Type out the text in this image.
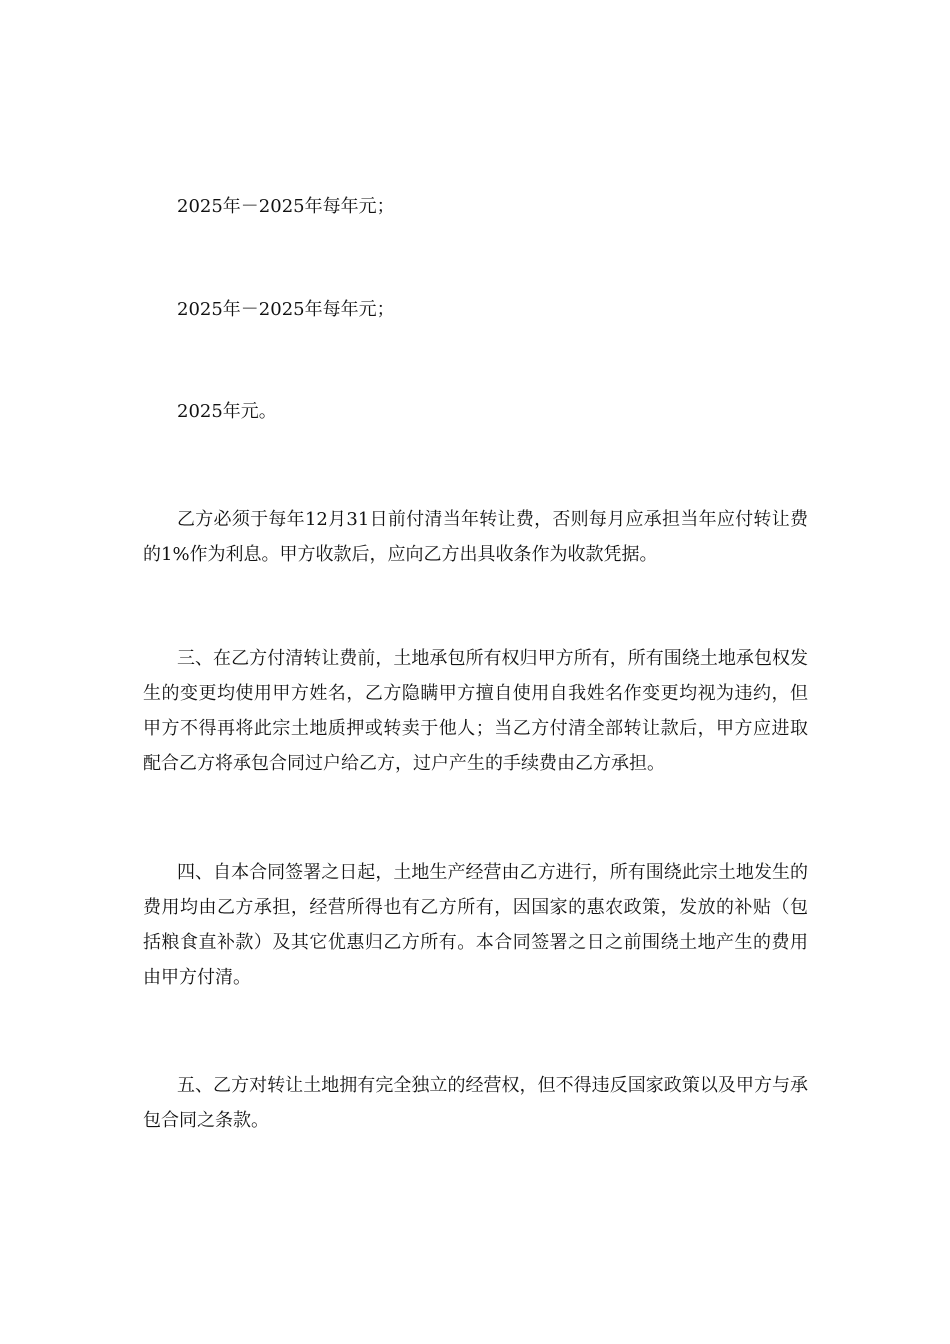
2025年－2025年每年元；

2025年－2025年每年元；

2025年元。

乙方必须于每年12月31日前付清当年转让费，否则每月应承担当年应付转让费的1%作为利息。甲方收款后，应向乙方出具收条作为收款凭据。

三、在乙方付清转让费前，土地承包所有权归甲方所有，所有围绕土地承包权发生的变更均使用甲方姓名，乙方隐瞒甲方擅自使用自我姓名作变更均视为违约，但甲方不得再将此宗土地质押或转卖于他人；当乙方付清全部转让款后，甲方应进取配合乙方将承包合同过户给乙方，过户产生的手续费由乙方承担。

四、自本合同签署之日起，土地生产经营由乙方进行，所有围绕此宗土地发生的费用均由乙方承担，经营所得也有乙方所有，因国家的惠农政策，发放的补贴（包括粮食直补款）及其它优惠归乙方所有。本合同签署之日之前围绕土地产生的费用由甲方付清。

五、乙方对转让土地拥有完全独立的经营权，但不得违反国家政策以及甲方与承包合同之条款。
